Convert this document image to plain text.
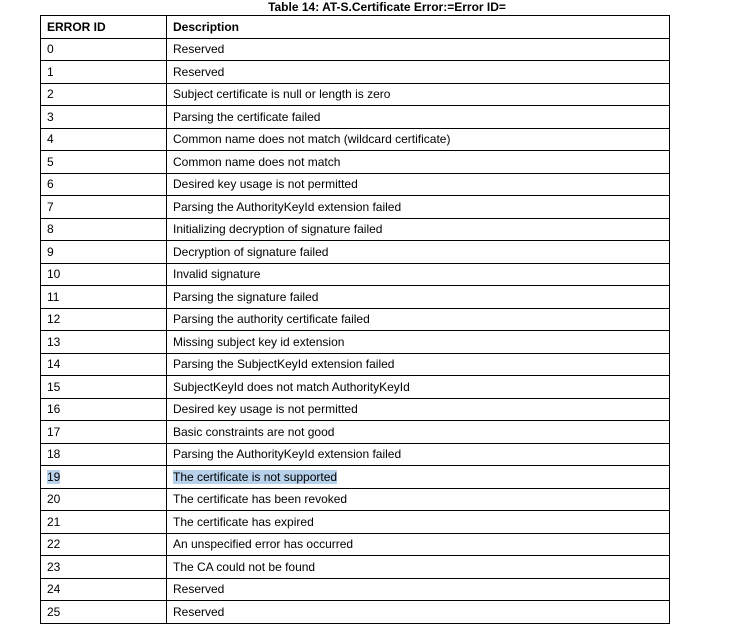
Table 14: AT-S.Certificate Error:=Error ID=
ERROR ID	Description
0	Reserved
1	Reserved
2	Subject certificate is null or length is zero
3	Parsing the certificate failed
4	Common name does not match (wildcard certificate)
5	Common name does not match
6	Desired key usage is not permitted
7	Parsing the AuthorityKeyId extension failed
8	Initializing decryption of signature failed
9	Decryption of signature failed
10	Invalid signature
11	Parsing the signature failed
12	Parsing the authority certificate failed
13	Missing subject key id extension
14	Parsing the SubjectKeyId extension failed
15	SubjectKeyId does not match AuthorityKeyId
16	Desired key usage is not permitted
17	Basic constraints are not good
18	Parsing the AuthorityKeyId extension failed
19	The certificate is not supported
20	The certificate has been revoked
21	The certificate has expired
22	An unspecified error has occurred
23	The CA could not be found
24	Reserved
25	Reserved
